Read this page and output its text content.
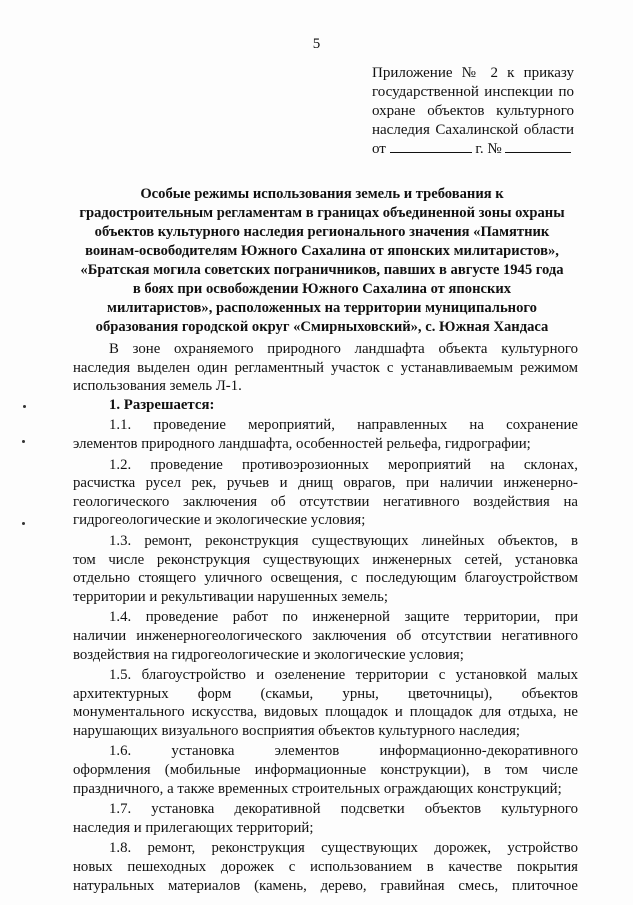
5
Приложение № 2 к приказу
государственной инспекции по
охране объектов культурного
наследия Сахалинской области
от	г. №
Особые режимы использования земель и требования к
градостроительным регламентам в границах объединенной зоны охраны
объектов культурного наследия регионального значения «Памятник
воинам-освободителям Южного Сахалина от японских милитаристов»,
«Братская могила советских пограничников, павших в августе 1945 года
в боях при освобождении Южного Сахалина от японских
милитаристов», расположенных на территории муниципального
образования городской округ «Смирныховский», с. Южная Хандаса
В зоне охраняемого природного ландшафта объекта культурного
наследия выделен один регламентный участок с устанавливаемым режимом
использования земель Л-1.
1. Разрешается:
1.1. проведение мероприятий, направленных на сохранение
элементов природного ландшафта, особенностей рельефа, гидрографии;
1.2. проведение противоэрозионных мероприятий на склонах,
расчистка русел рек, ручьев и днищ оврагов, при наличии инженерно-
геологического заключения об отсутствии негативного воздействия на
гидрогеологические и экологические условия;
1.3. ремонт, реконструкция существующих линейных объектов, в
том числе реконструкция существующих инженерных сетей, установка
отдельно стоящего уличного освещения, с последующим благоустройством
территории и рекультивации нарушенных земель;
1.4. проведение работ по инженерной защите территории, при
наличии инженерногеологического заключения об отсутствии негативного
воздействия на гидрогеологические и экологические условия;
1.5. благоустройство и озеленение территории с установкой малых
архитектурных форм (скамьи, урны, цветочницы), объектов
монументального искусства, видовых площадок и площадок для отдыха, не
нарушающих визуального восприятия объектов культурного наследия;
1.6. установка элементов информационно-декоративного
оформления (мобильные информационные конструкции), в том числе
праздничного, а также временных строительных ограждающих конструкций;
1.7. установка декоративной подсветки объектов культурного
наследия и прилегающих территорий;
1.8. ремонт, реконструкция существующих дорожек, устройство
новых пешеходных дорожек с использованием в качестве покрытия
натуральных материалов (камень, дерево, гравийная смесь, плиточное
